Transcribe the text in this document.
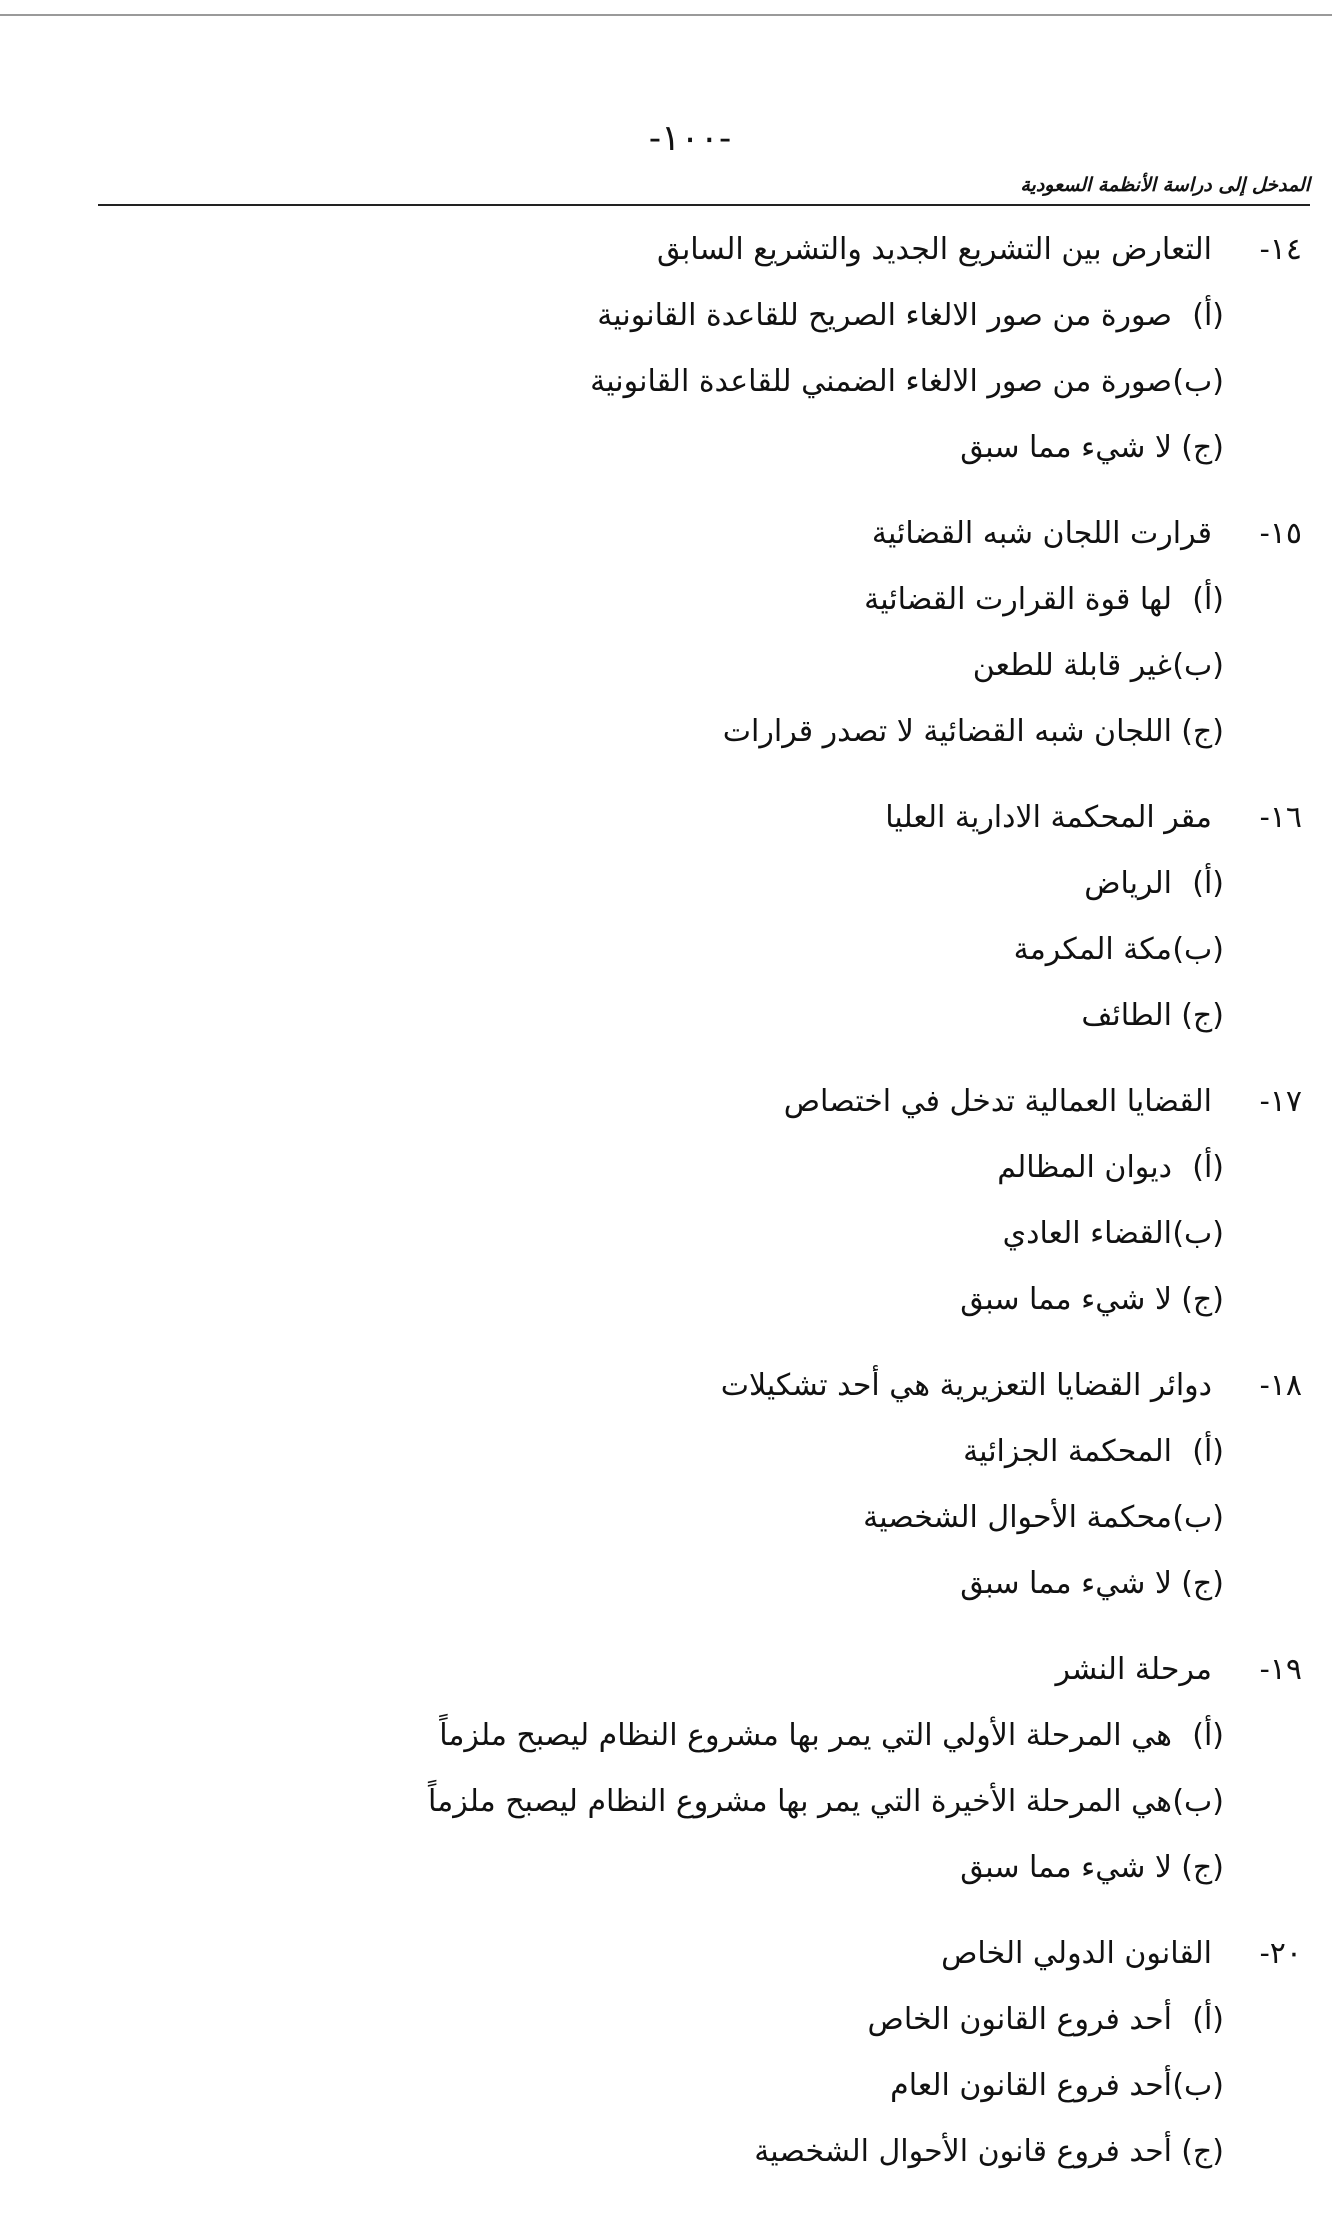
-١٠٠-
المدخل إلى دراسة الأنظمة السعودية
١٤-
التعارض بين التشريع الجديد والتشريع السابق
(أ)
صورة من صور الالغاء الصريح للقاعدة القانونية
(ب)
صورة من صور الالغاء الضمني للقاعدة القانونية
(ج)
لا شيء مما سبق
١٥-
قرارت اللجان شبه القضائية
(أ)
لها قوة القرارت القضائية
(ب)
غير قابلة للطعن
(ج)
اللجان شبه القضائية لا تصدر قرارات
١٦-
مقر المحكمة الادارية العليا
(أ)
الرياض
(ب)
مكة المكرمة
(ج)
الطائف
١٧-
القضايا العمالية تدخل في اختصاص
(أ)
ديوان المظالم
(ب)
القضاء العادي
(ج)
لا شيء مما سبق
١٨-
دوائر القضايا التعزيرية هي أحد تشكيلات
(أ)
المحكمة الجزائية
(ب)
محكمة الأحوال الشخصية
(ج)
لا شيء مما سبق
١٩-
مرحلة النشر
(أ)
هي المرحلة الأولي التي يمر بها مشروع النظام ليصبح ملزماً
(ب)
هي المرحلة الأخيرة التي يمر بها مشروع النظام ليصبح ملزماً
(ج)
لا شيء مما سبق
٢٠-
القانون الدولي الخاص
(أ)
أحد فروع القانون الخاص
(ب)
أحد فروع القانون العام
(ج)
أحد فروع قانون الأحوال الشخصية
